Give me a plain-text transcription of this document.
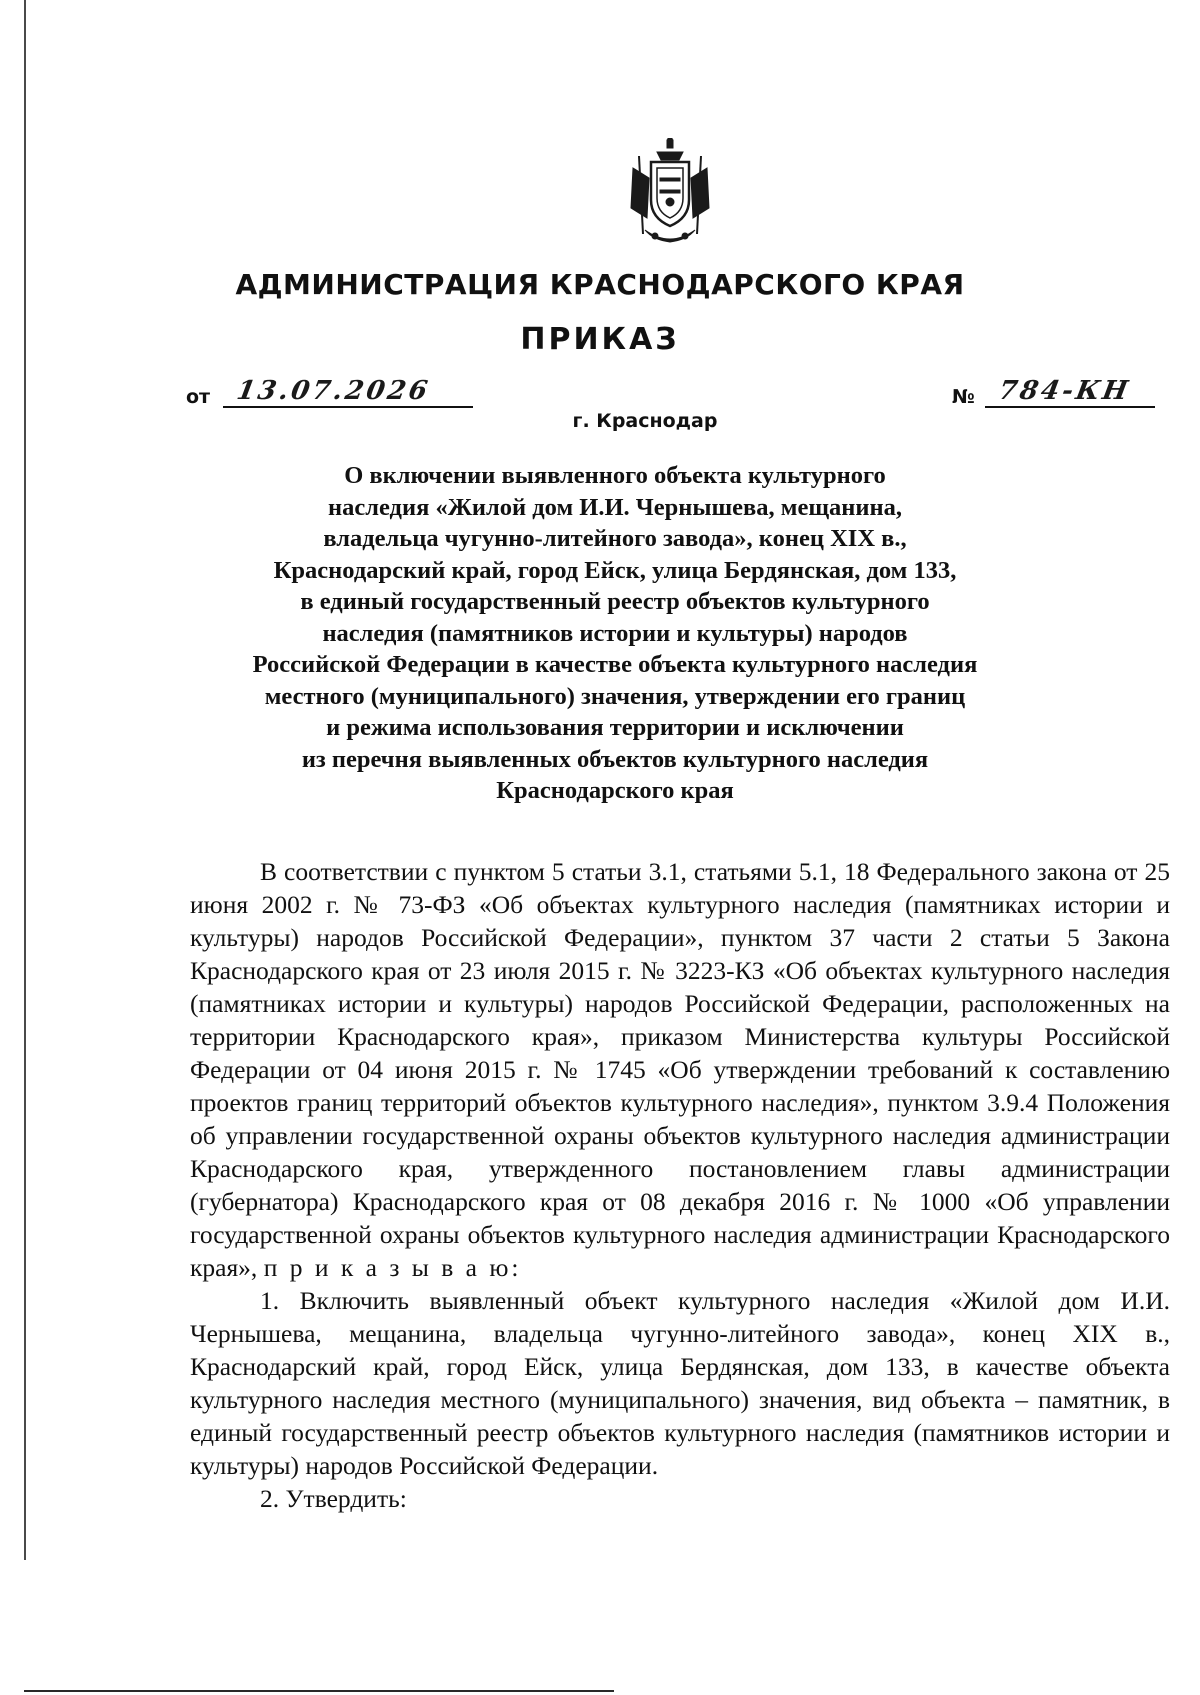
АДМИНИСТРАЦИЯ КРАСНОДАРСКОГО КРАЯ
ПРИКАЗ
от 13.07.2026	№ 784-КН
г. Краснодар
О включении выявленного объекта культурного
наследия «Жилой дом И.И. Чернышева, мещанина,
владельца чугунно-литейного завода», конец XIX в.,
Краснодарский край, город Ейск, улица Бердянская, дом 133,
в единый государственный реестр объектов культурного
наследия (памятников истории и культуры) народов
Российской Федерации в качестве объекта культурного наследия
местного (муниципального) значения, утверждении его границ
и режима использования территории и исключении
из перечня выявленных объектов культурного наследия
Краснодарского края
В соответствии с пунктом 5 статьи 3.1, статьями 5.1, 18 Федерального закона от 25 июня 2002 г. № 73-ФЗ «Об объектах культурного наследия (памятниках истории и культуры) народов Российской Федерации», пунктом 37 части 2 статьи 5 Закона Краснодарского края от 23 июля 2015 г. № 3223-КЗ «Об объектах культурного наследия (памятниках истории и культуры) народов Российской Федерации, расположенных на территории Краснодарского края», приказом Министерства культуры Российской Федерации от 04 июня 2015 г. № 1745 «Об утверждении требований к составлению проектов границ территорий объектов культурного наследия», пунктом 3.9.4 Положения об управлении государственной охраны объектов культурного наследия администрации Краснодарского края, утвержденного постановлением главы администрации (губернатора) Краснодарского края от 08 декабря 2016 г. № 1000 «Об управлении государственной охраны объектов культурного наследия администрации Краснодарского края», п р и к а з ы в а ю:
1. Включить выявленный объект культурного наследия «Жилой дом И.И. Чернышева, мещанина, владельца чугунно-литейного завода», конец XIX в., Краснодарский край, город Ейск, улица Бердянская, дом 133, в качестве объекта культурного наследия местного (муниципального) значения, вид объекта – памятник, в единый государственный реестр объектов культурного наследия (памятников истории и культуры) народов Российской Федерации.
2. Утвердить:
